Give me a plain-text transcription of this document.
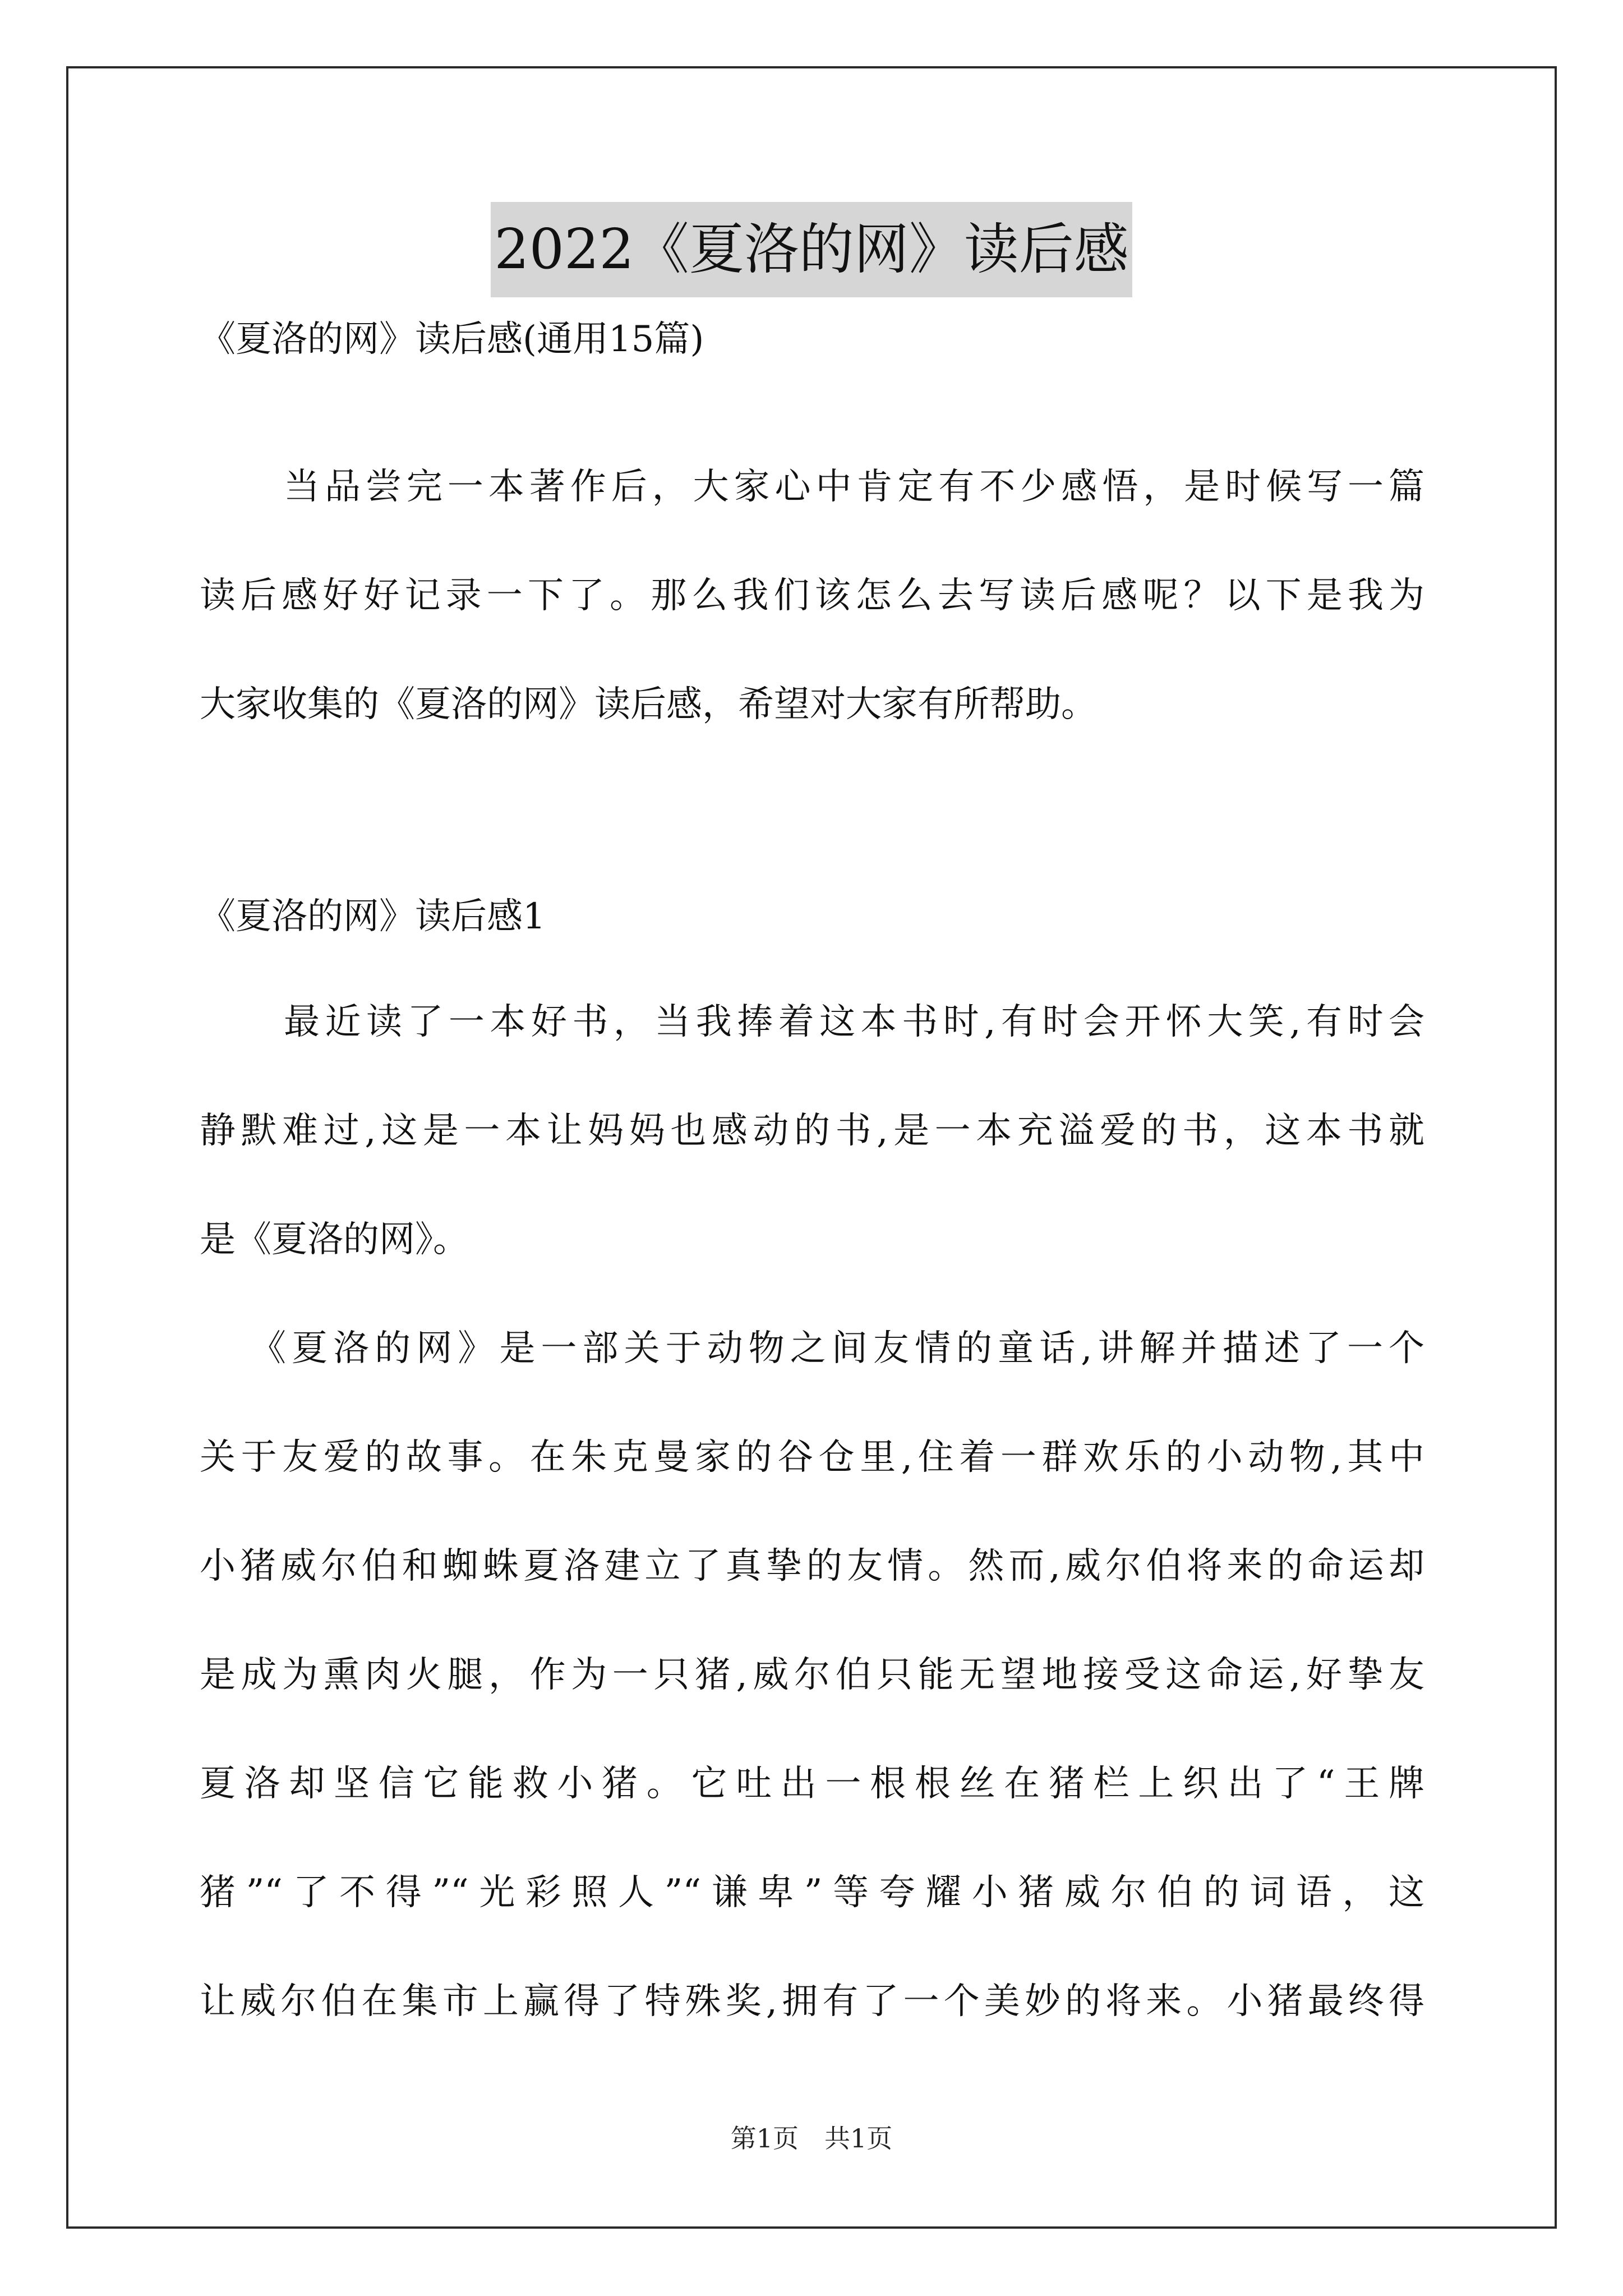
2022《夏洛的网》读后感
《夏洛的网》读后感(通用15篇)
当品尝完一本著作后，大家心中肯定有不少感悟，是时候写一篇
读后感好好记录一下了。那么我们该怎么去写读后感呢？以下是我为
大家收集的《夏洛的网》读后感，希望对大家有所帮助。
《夏洛的网》读后感1
最近读了一本好书，当我捧着这本书时,有时会开怀大笑,有时会
静默难过,这是一本让妈妈也感动的书,是一本充溢爱的书，这本书就
是《夏洛的网》。
《夏洛的网》是一部关于动物之间友情的童话,讲解并描述了一个
关于友爱的故事。在朱克曼家的谷仓里,住着一群欢乐的小动物,其中
小猪威尔伯和蜘蛛夏洛建立了真挚的友情。然而,威尔伯将来的命运却
是成为熏肉火腿，作为一只猪,威尔伯只能无望地接受这命运,好挚友
夏洛却坚信它能救小猪。它吐出一根根丝在猪栏上织出了“王牌
猪”“了不得”“光彩照人”“谦卑”等夸耀小猪威尔伯的词语，这
让威尔伯在集市上赢得了特殊奖,拥有了一个美妙的将来。小猪最终得
第1页　共1页
